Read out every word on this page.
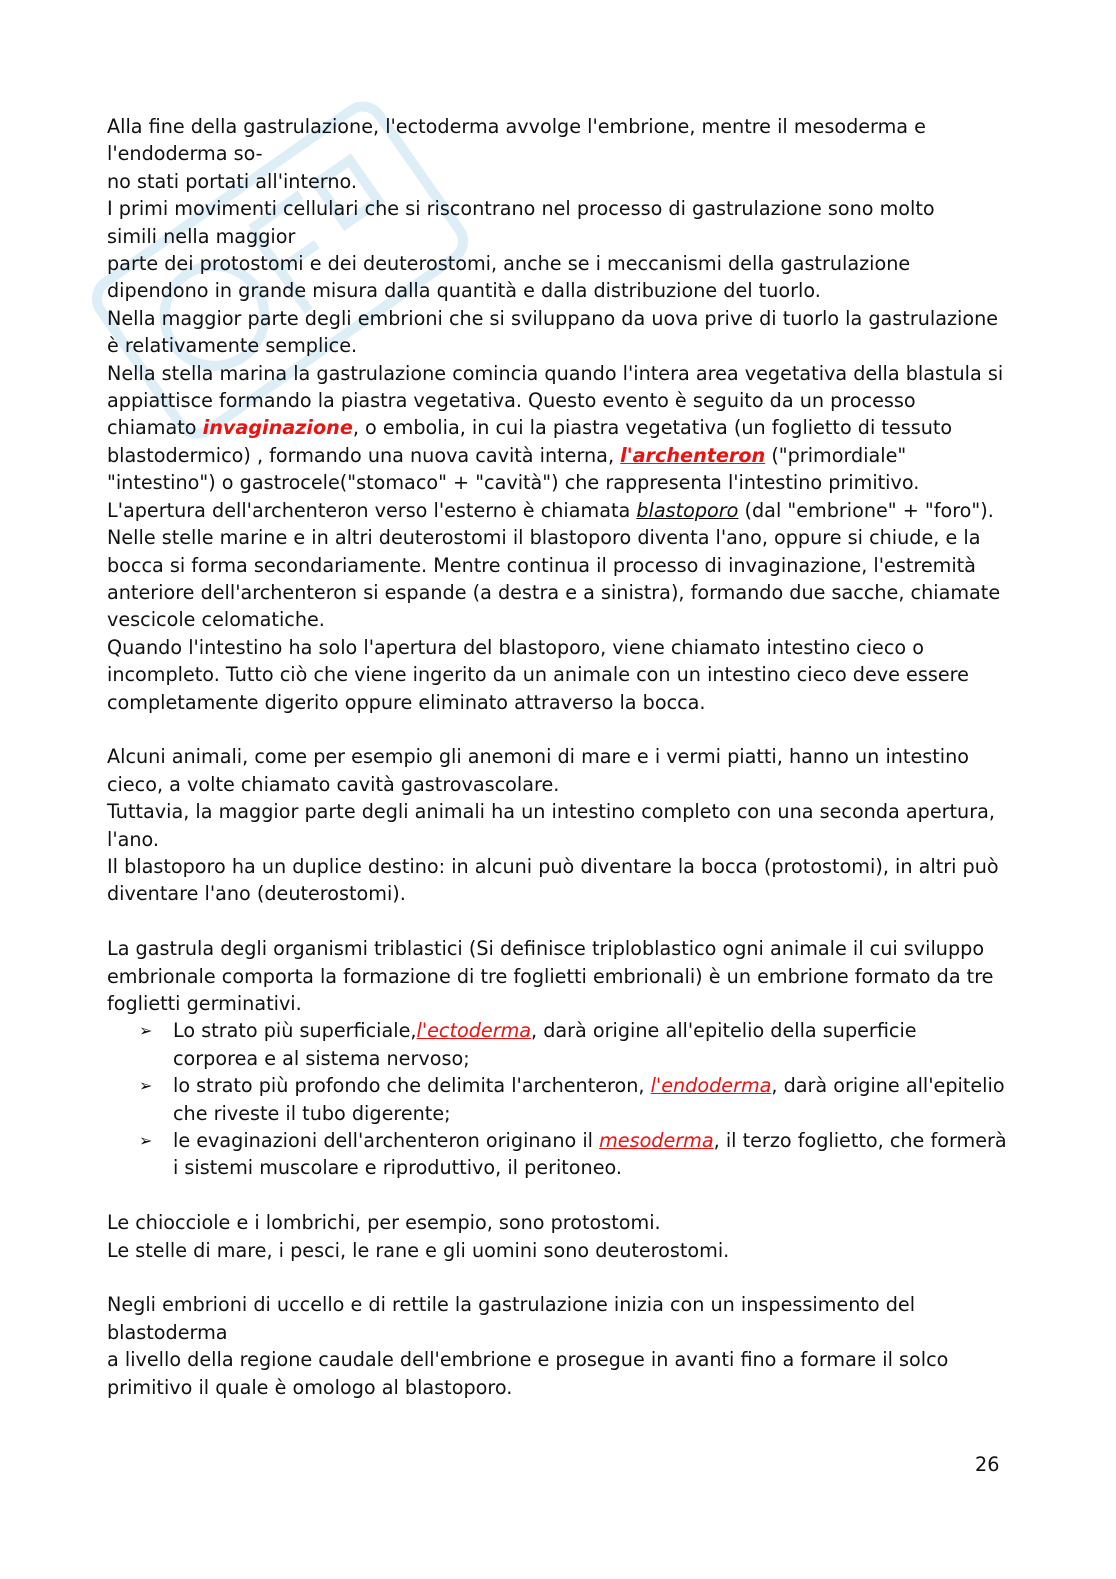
Alla fine della gastrulazione, l'ectoderma avvolge l'embrione, mentre il mesoderma e

l'endoderma so-

no stati portati all'interno.

I primi movimenti cellulari che si riscontrano nel processo di gastrulazione sono molto

simili nella maggior

parte dei protostomi e dei deuterostomi, anche se i meccanismi della gastrulazione

dipendono in grande misura dalla quantità e dalla distribuzione del tuorlo.

Nella maggior parte degli embrioni che si sviluppano da uova prive di tuorlo la gastrulazione è relativamente semplice.

Nella stella marina la gastrulazione comincia quando l'intera area vegetativa della blastula si appiattisce formando la piastra vegetativa. Questo evento è seguito da un processo chiamato invaginazione, o embolia, in cui la piastra vegetativa (un foglietto di tessuto blastodermico) , formando una nuova cavità interna, l'archenteron ("primordiale" "intestino") o gastrocele("stomaco" + "cavità") che rappresenta l'intestino primitivo. L'apertura dell'archenteron verso l'esterno è chiamata blastoporo (dal "embrione" + "foro").

Nelle stelle marine e in altri deuterostomi il blastoporo diventa l'ano, oppure si chiude, e la bocca si forma secondariamente. Mentre continua il processo di invaginazione, l'estremità anteriore dell'archenteron si espande (a destra e a sinistra), formando due sacche, chiamate vescicole celomatiche.

Quando l'intestino ha solo l'apertura del blastoporo, viene chiamato intestino cieco o incompleto. Tutto ciò che viene ingerito da un animale con un intestino cieco deve essere completamente digerito oppure eliminato attraverso la bocca.

Alcuni animali, come per esempio gli anemoni di mare e i vermi piatti, hanno un intestino cieco, a volte chiamato cavità gastrovascolare.

Tuttavia, la maggior parte degli animali ha un intestino completo con una seconda apertura, l'ano.

Il blastoporo ha un duplice destino: in alcuni può diventare la bocca (protostomi), in altri può diventare l'ano (deuterostomi).

La gastrula degli organismi triblastici (Si definisce triploblastico ogni animale il cui sviluppo embrionale comporta la formazione di tre foglietti embrionali) è un embrione formato da tre foglietti germinativi.

➢ Lo strato più superficiale,l'ectoderma, darà origine all'epitelio della superficie corporea e al sistema nervoso;
➢ lo strato più profondo che delimita l'archenteron, l'endoderma, darà origine all'epitelio che riveste il tubo digerente;
➢ le evaginazioni dell'archenteron originano il mesoderma, il terzo foglietto, che formerà i sistemi muscolare e riproduttivo, il peritoneo.

Le chiocciole e i lombrichi, per esempio, sono protostomi.

Le stelle di mare, i pesci, le rane e gli uomini sono deuterostomi.

Negli embrioni di uccello e di rettile la gastrulazione inizia con un inspessimento del

blastoderma

a livello della regione caudale dell'embrione e prosegue in avanti fino a formare il solco primitivo il quale è omologo al blastoporo.

26
